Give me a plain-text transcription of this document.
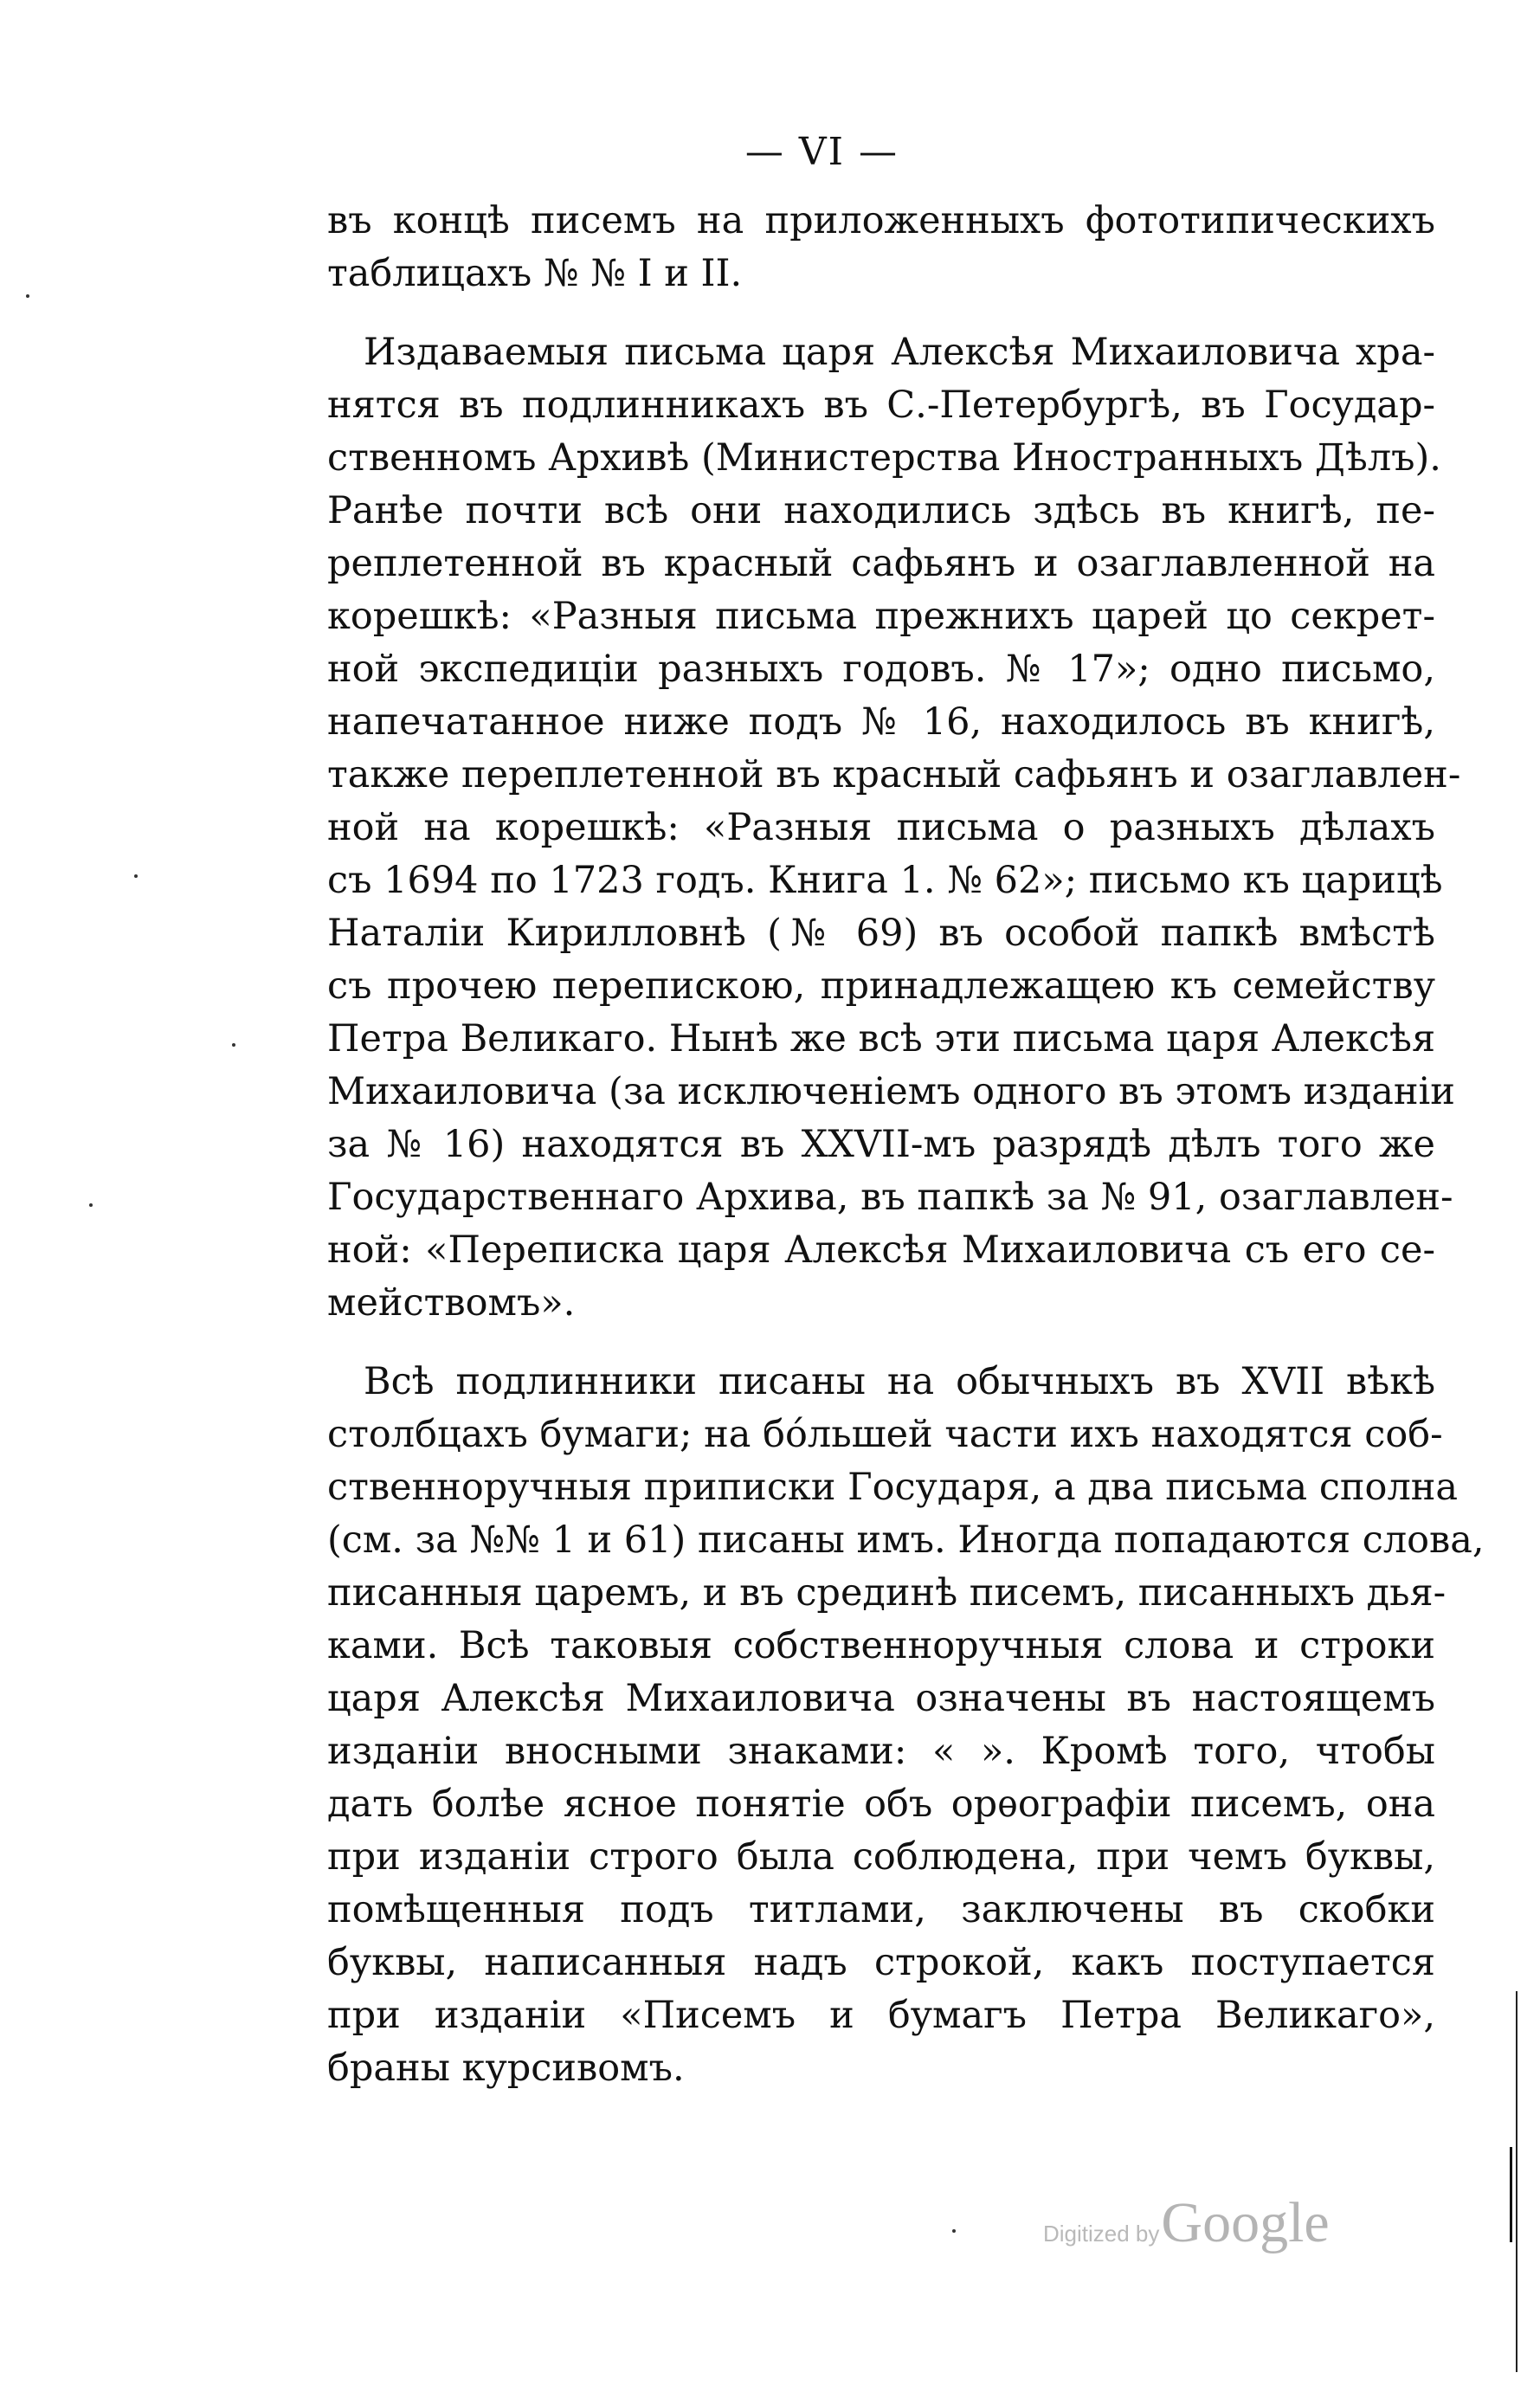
— VI —
въ концѣ писемъ на приложенныхъ фототипическихъ
таблицахъ № № I и II.
Издаваемыя письма царя Алексѣя Михаиловича хра-
нятся въ подлинникахъ въ С.-Петербургѣ, въ Государ-
ственномъ Архивѣ (Министерства Иностранныхъ Дѣлъ).
Ранѣе почти всѣ они находились здѣсь въ книгѣ, пе-
реплетенной въ красный сафьянъ и озаглавленной на
корешкѣ: «Разныя письма прежнихъ царей цо секрет-
ной экспедиціи разныхъ годовъ. № 17»; одно письмо,
напечатанное ниже подъ № 16, находилось въ книгѣ,
также переплетенной въ красный сафьянъ и озаглавлен-
ной на корешкѣ: «Разныя письма о разныхъ дѣлахъ
съ 1694 по 1723 годъ. Книга 1. № 62»; письмо къ царицѣ
Наталіи Кирилловнѣ (№ 69) въ особой папкѣ вмѣстѣ
съ прочею перепискою, принадлежащею къ семейству
Петра Великаго. Нынѣ же всѣ эти письма царя Алексѣя
Михаиловича (за исключеніемъ одного въ этомъ изданіи
за № 16) находятся въ XXVII-мъ разрядѣ дѣлъ того же
Государственнаго Архива, въ папкѣ за № 91, озаглавлен-
ной: «Переписка царя Алексѣя Михаиловича съ его се-
мействомъ».
Всѣ подлинники писаны на обычныхъ въ XVII вѣкѣ
столбцахъ бумаги; на бóльшей части ихъ находятся соб-
ственноручныя приписки Государя, а два письма сполна
(см. за №№ 1 и 61) писаны имъ. Иногда попадаются слова,
писанныя царемъ, и въ срединѣ писемъ, писанныхъ дья-
ками. Всѣ таковыя собственноручныя слова и строки
царя Алексѣя Михаиловича означены въ настоящемъ
изданіи вносными знаками: « ». Кромѣ того, чтобы
дать болѣе ясное понятіе объ орѳографіи писемъ, она
при изданіи строго была соблюдена, при чемъ буквы,
помѣщенныя подъ титлами, заключены въ скобки
буквы, написанныя надъ строкой, какъ поступается
при изданіи «Писемъ и бумагъ Петра Великаго»,
браны курсивомъ.
Digitized byGoogle
